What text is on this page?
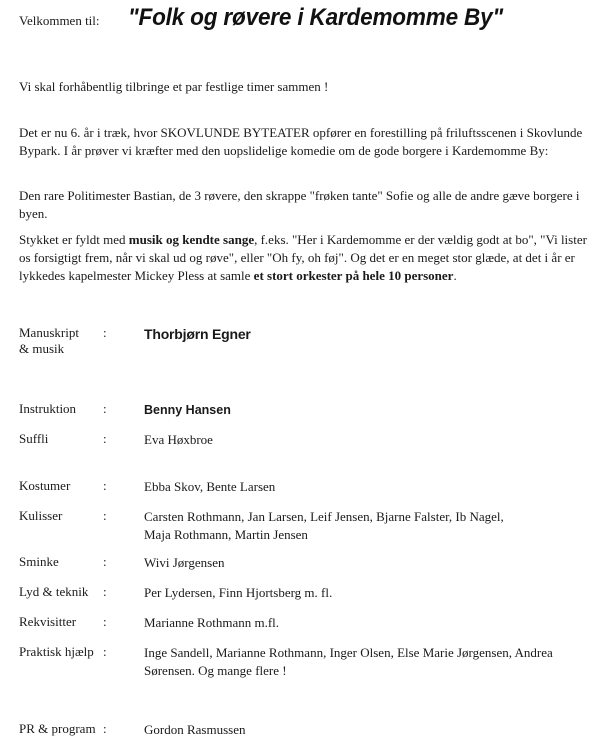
Velkommen til: "Folk og røvere i Kardemomme By"
Vi skal forhåbentlig tilbringe et par festlige timer sammen !
Det er nu 6. år i træk, hvor SKOVLUNDE BYTEATER opfører en forestilling på friluftsscenen i Skovlunde Bypark. I år prøver vi kræfter med den uopslidelige komedie om de gode borgere i Kardemomme By:
Den rare Politimester Bastian, de 3 røvere, den skrappe "frøken tante" Sofie og alle de andre gæve borgere i byen.
Stykket er fyldt med musik og kendte sange, f.eks. "Her i Kardemomme er der vældig godt at bo", "Vi lister os forsigtigt frem, når vi skal ud og røve", eller "Oh fy, oh føj". Og det er en meget stor glæde, at det i år er lykkedes kapelmester Mickey Pless at samle et stort orkester på hele 10 personer.
Manuskript & musik
:	Thorbjørn Egner
Instruktion	:	Benny Hansen
Suffli	:	Eva Høxbroe
Kostumer	:	Ebba Skov, Bente Larsen
Kulisser	:	Carsten Rothmann, Jan Larsen, Leif Jensen, Bjarne Falster, Ib Nagel, Maja Rothmann, Martin Jensen
Sminke	:	Wivi Jørgensen
Lyd & teknik	:	Per Lydersen, Finn Hjortsberg m. fl.
Rekvisitter	:	Marianne Rothmann m.fl.
Praktisk hjælp :	Inge Sandell, Marianne Rothmann, Inger Olsen, Else Marie Jørgensen, Andrea Sørensen. Og mange flere !
PR & program :	Gordon Rasmussen
